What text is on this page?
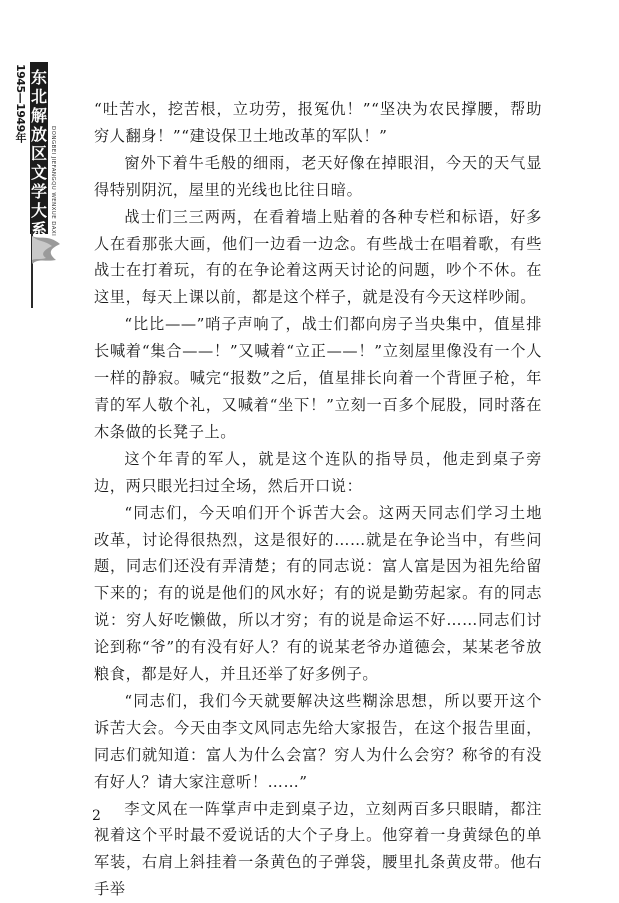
1945—1949年 东
北
解
放
区
文
学
大
系 DONGBEI JIEFANGQU WENXUE DAXI

“吐苦水，挖苦根，立功劳，报冤仇！”“坚决为农民撑腰，帮助穷人翻身！”“建设保卫土地改革的军队！”

窗外下着牛毛般的细雨，老天好像在掉眼泪，今天的天气显得特别阴沉，屋里的光线也比往日暗。

战士们三三两两，在看着墙上贴着的各种专栏和标语，好多人在看那张大画，他们一边看一边念。有些战士在唱着歌，有些战士在打着玩，有的在争论着这两天讨论的问题，吵个不休。在这里，每天上课以前，都是这个样子，就是没有今天这样吵闹。

“比比——”哨子声响了，战士们都向房子当央集中，值星排长喊着“集合——！”又喊着“立正——！”立刻屋里像没有一个人一样的静寂。喊完“报数”之后，值星排长向着一个背匣子枪，年青的军人敬个礼，又喊着“坐下！”立刻一百多个屁股，同时落在木条做的长凳子上。

这个年青的军人，就是这个连队的指导员，他走到桌子旁边，两只眼光扫过全场，然后开口说：

“同志们，今天咱们开个诉苦大会。这两天同志们学习土地改革，讨论得很热烈，这是很好的……就是在争论当中，有些问题，同志们还没有弄清楚；有的同志说：富人富是因为祖先给留下来的；有的说是他们的风水好；有的说是勤劳起家。有的同志说：穷人好吃懒做，所以才穷；有的说是命运不好……同志们讨论到称“爷”的有没有好人？有的说某老爷办道德会，某某老爷放粮食，都是好人，并且还举了好多例子。

“同志们，我们今天就要解决这些糊涂思想，所以要开这个诉苦大会。今天由李文风同志先给大家报告，在这个报告里面，同志们就知道：富人为什么会富？穷人为什么会穷？称爷的有没有好人？请大家注意听！……”

李文风在一阵掌声中走到桌子边，立刻两百多只眼睛，都注视着这个平时最不爱说话的大个子身上。他穿着一身黄绿色的单军装，右肩上斜挂着一条黄色的子弹袋，腰里扎条黄皮带。他右手举

2
